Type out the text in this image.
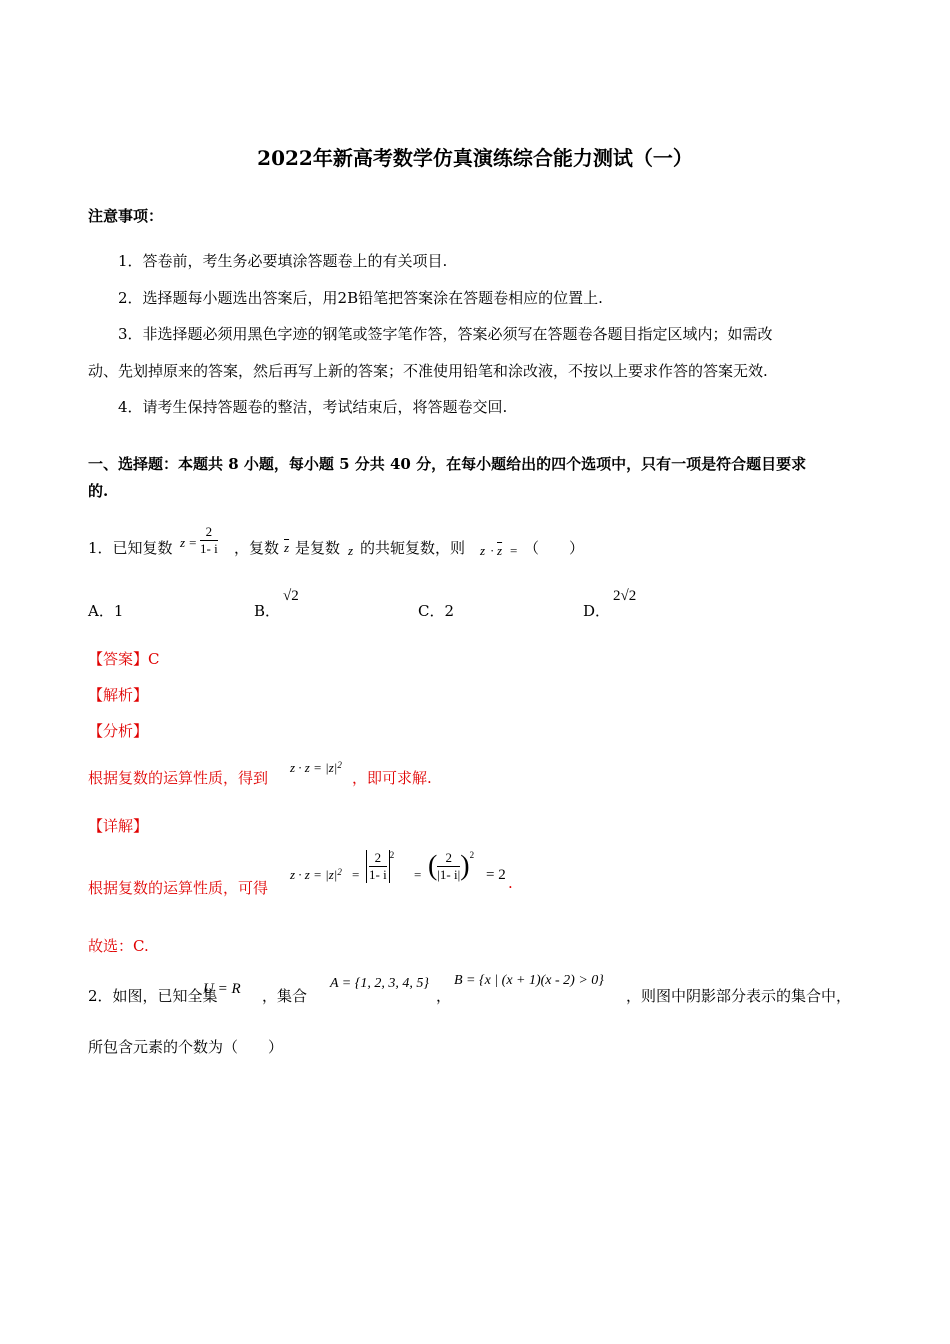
2022年新高考数学仿真演练综合能力测试（一）
注意事项：
1．答卷前，考生务必要填涂答题卷上的有关项目.
2．选择题每小题选出答案后，用2B铅笔把答案涂在答题卷相应的位置上.
3．非选择题必须用黑色字迹的钢笔或签字笔作答，答案必须写在答题卷各题目指定区域内；如需改
动、先划掉原来的答案，然后再写上新的答案；不准使用铅笔和涂改液，不按以上要求作答的答案无效.
4．请考生保持答题卷的整洁，考试结束后，将答题卷交回.
一、选择题：本题共 8 小题，每小题 5 分共 40 分，在每小题给出的四个选项中，只有一项是符合题目要求
的.
1．已知复数 $z = \frac{2}{1- i}$ ，复数 $\overline{z}$ 是复数 z 的共轭复数，则 $z \cdot \overline{z}$ = （　　）
A．1	B．
√2
C．2	D．
2√2
【答案】C
【解析】
【分析】
根据复数的运算性质，得到
$z \cdot z = |z|^2$
，即可求解.
【详解】
根据复数的运算性质，可得
$z \cdot z = |z|^2 = \frac{2}{1- i} ^2$
= ( $\frac{2}{|1- i|} )^2$
= 2 .
故选：C.
2．如图，已知全集
U = R ，集合
A = {1, 2, 3, 4, 5}
，
B = {x | (x + 1)(x - 2) > 0}
，则图中阴影部分表示的集合中，
所包含元素的个数为（　　）
